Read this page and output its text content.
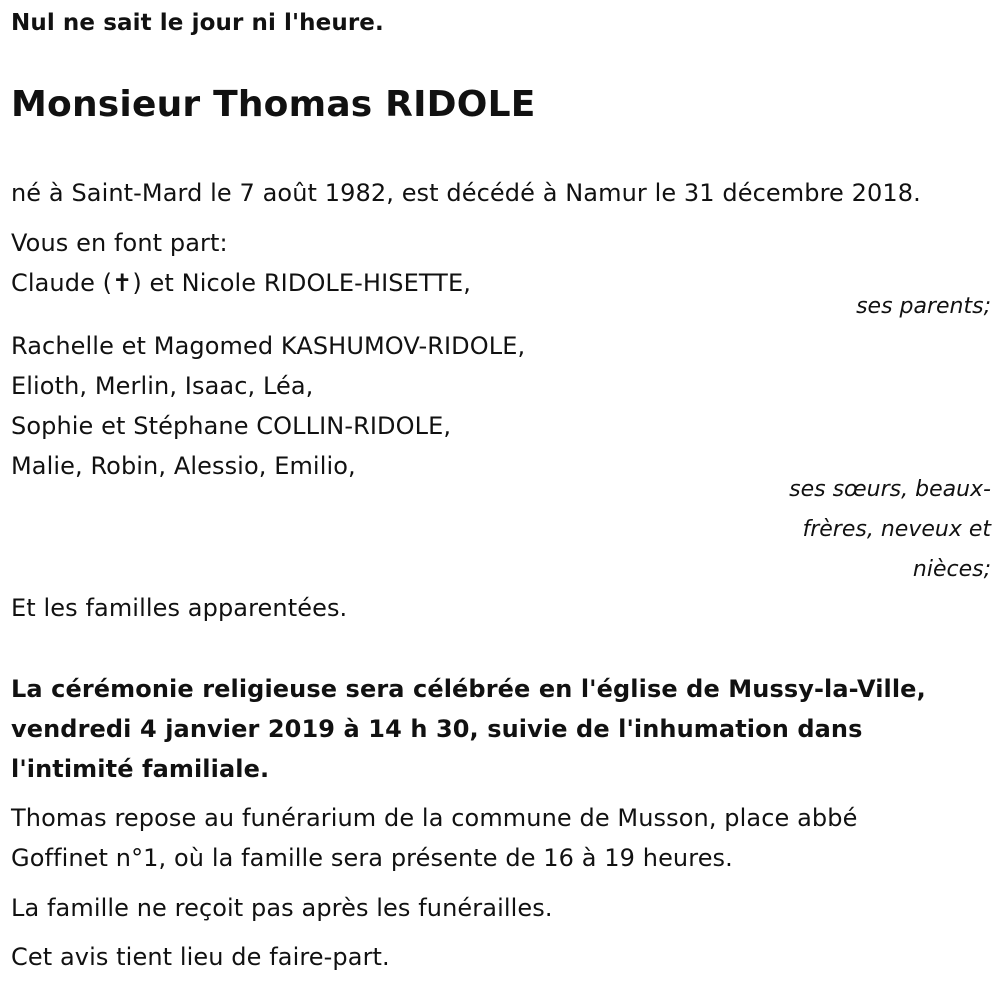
Nul ne sait le jour ni l'heure.
Monsieur Thomas RIDOLE
né à Saint-Mard le 7 août 1982, est décédé à Namur le 31 décembre 2018.
Vous en font part:
Claude (✝) et Nicole RIDOLE-HISETTE,
ses parents;
Rachelle et Magomed KASHUMOV-RIDOLE,
Elioth, Merlin, Isaac, Léa,
Sophie et Stéphane COLLIN-RIDOLE,
Malie, Robin, Alessio, Emilio,
ses sœurs, beaux-
frères, neveux et
nièces;
Et les familles apparentées.
La cérémonie religieuse sera célébrée en l'église de Mussy-la-Ville,
vendredi 4 janvier 2019 à 14 h 30, suivie de l'inhumation dans
l'intimité familiale.
Thomas repose au funérarium de la commune de Musson, place abbé
Goffinet n°1, où la famille sera présente de 16 à 19 heures.
La famille ne reçoit pas après les funérailles.
Cet avis tient lieu de faire-part.
